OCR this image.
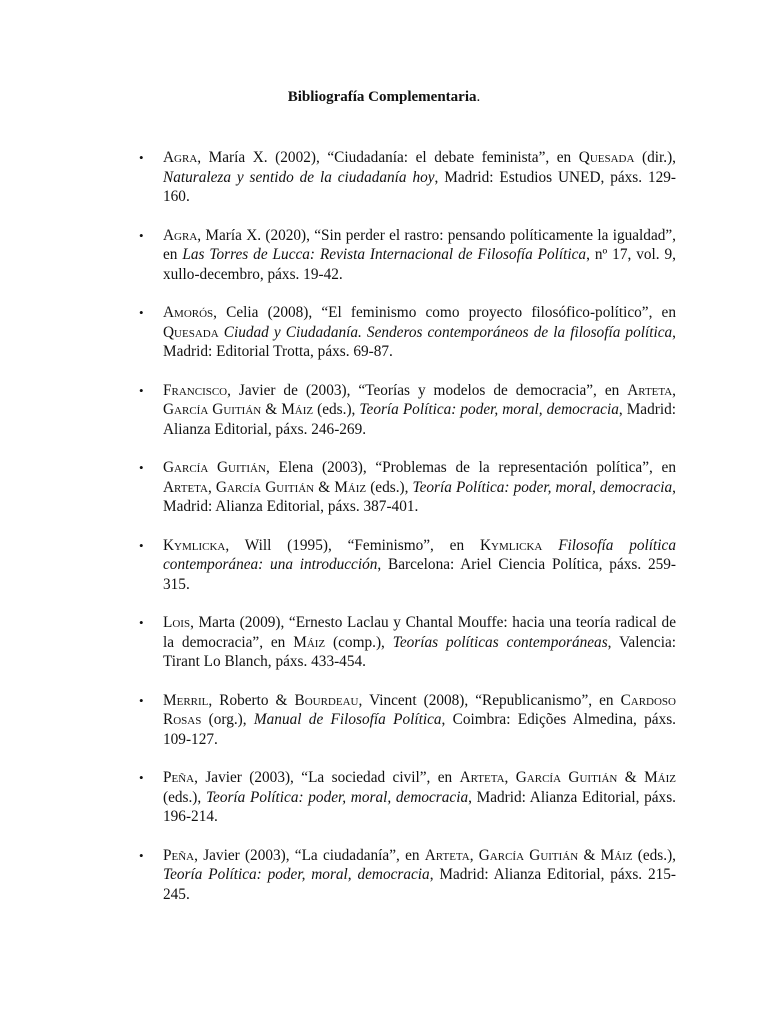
Bibliografía Complementaria.
• Agra, María X. (2002), “Ciudadanía: el debate feminista”, en Quesada (dir.), Naturaleza y sentido de la ciudadanía hoy, Madrid: Estudios UNED, páxs. 129-160.
• Agra, María X. (2020), “Sin perder el rastro: pensando políticamente la igualdad”, en Las Torres de Lucca: Revista Internacional de Filosofía Política, nº 17, vol. 9, xullo-decembro, páxs. 19-42.
• Amorós, Celia (2008), “El feminismo como proyecto filosófico-político”, en Quesada Ciudad y Ciudadanía. Senderos contemporáneos de la filosofía política, Madrid: Editorial Trotta, páxs. 69-87.
• Francisco, Javier de (2003), “Teorías y modelos de democracia”, en Arteta, García Guitián & Máiz (eds.), Teoría Política: poder, moral, democracia, Madrid: Alianza Editorial, páxs. 246-269.
• García Guitián, Elena (2003), “Problemas de la representación política”, en Arteta, García Guitián & Máiz (eds.), Teoría Política: poder, moral, democracia, Madrid: Alianza Editorial, páxs. 387-401.
• Kymlicka, Will (1995), “Feminismo”, en Kymlicka Filosofía política contemporánea: una introducción, Barcelona: Ariel Ciencia Política, páxs. 259-315.
• Lois, Marta (2009), “Ernesto Laclau y Chantal Mouffe: hacia una teoría radical de la democracia”, en Máiz (comp.), Teorías políticas contemporáneas, Valencia: Tirant Lo Blanch, páxs. 433-454.
• Merril, Roberto & Bourdeau, Vincent (2008), “Republicanismo”, en Cardoso Rosas (org.), Manual de Filosofía Política, Coimbra: Edições Almedina, páxs. 109-127.
• Peña, Javier (2003), “La sociedad civil”, en Arteta, García Guitián & Máiz (eds.), Teoría Política: poder, moral, democracia, Madrid: Alianza Editorial, páxs. 196-214.
• Peña, Javier (2003), “La ciudadanía”, en Arteta, García Guitián & Máiz (eds.), Teoría Política: poder, moral, democracia, Madrid: Alianza Editorial, páxs. 215-245.
